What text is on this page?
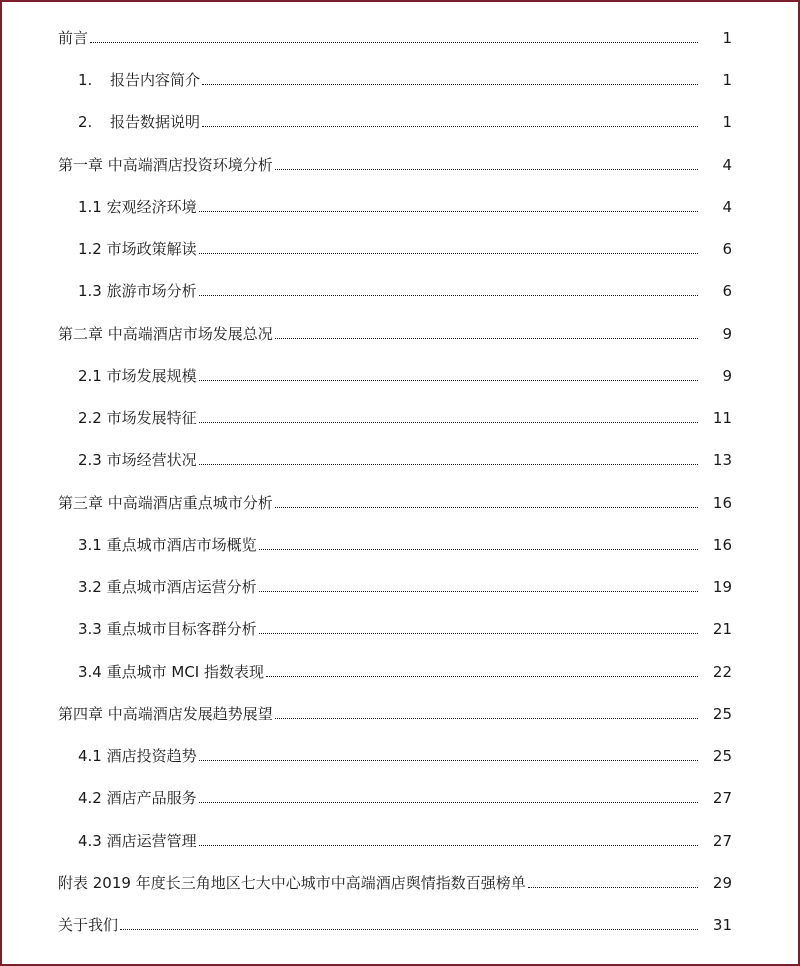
前言	1
1. 报告内容简介	1
2. 报告数据说明	1
第一章 中高端酒店投资环境分析	4
1.1 宏观经济环境	4
1.2 市场政策解读	6
1.3 旅游市场分析	6
第二章 中高端酒店市场发展总况	9
2.1 市场发展规模	9
2.2 市场发展特征	11
2.3 市场经营状况	13
第三章 中高端酒店重点城市分析	16
3.1 重点城市酒店市场概览	16
3.2 重点城市酒店运营分析	19
3.3 重点城市目标客群分析	21
3.4 重点城市 MCI 指数表现	22
第四章 中高端酒店发展趋势展望	25
4.1 酒店投资趋势	25
4.2 酒店产品服务	27
4.3 酒店运营管理	27
附表 2019 年度长三角地区七大中心城市中高端酒店舆情指数百强榜单	29
关于我们	31
